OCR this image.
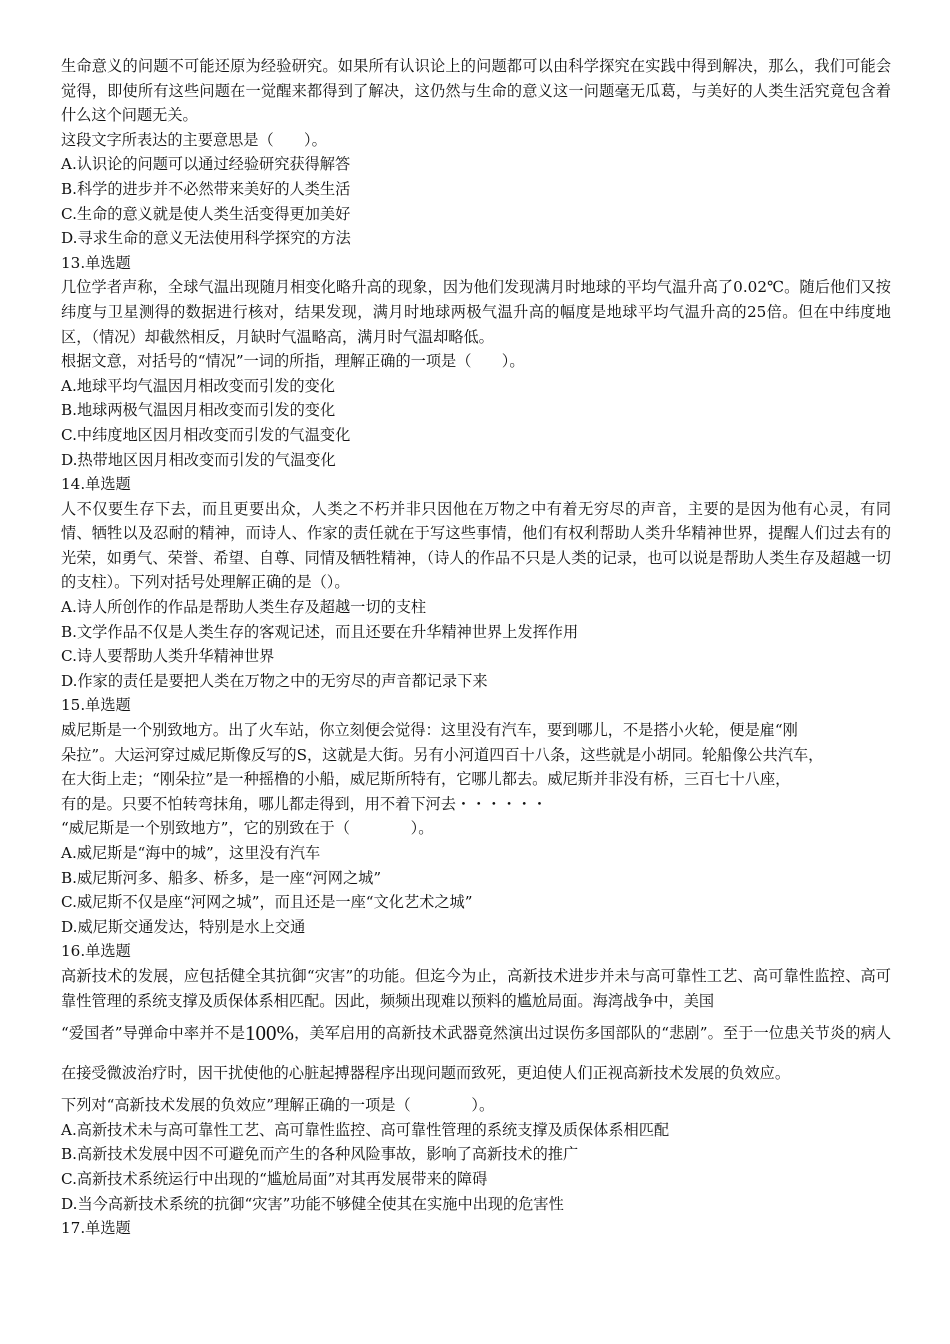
生命意义的问题不可能还原为经验研究。如果所有认识论上的问题都可以由科学探究在实践中得到解决，那么，我们可能会觉得，即使所有这些问题在一觉醒来都得到了解决，这仍然与生命的意义这一问题毫无瓜葛，与美好的人类生活究竟包含着什么这个问题无关。

这段文字所表达的主要意思是（　　）。

A.认识论的问题可以通过经验研究获得解答

B.科学的进步并不必然带来美好的人类生活

C.生命的意义就是使人类生活变得更加美好

D.寻求生命的意义无法使用科学探究的方法

13.单选题

几位学者声称，全球气温出现随月相变化略升高的现象，因为他们发现满月时地球的平均气温升高了0.02℃。随后他们又按纬度与卫星测得的数据进行核对，结果发现，满月时地球两极气温升高的幅度是地球平均气温升高的25倍。但在中纬度地区，（情况）却截然相反，月缺时气温略高，满月时气温却略低。

根据文意，对括号的“情况”一词的所指，理解正确的一项是（　　）。

A.地球平均气温因月相改变而引发的变化

B.地球两极气温因月相改变而引发的变化

C.中纬度地区因月相改变而引发的气温变化

D.热带地区因月相改变而引发的气温变化

14.单选题

人不仅要生存下去，而且更要出众，人类之不朽并非只因他在万物之中有着无穷尽的声音，主要的是因为他有心灵，有同情、牺牲以及忍耐的精神，而诗人、作家的责任就在于写这些事情，他们有权利帮助人类升华精神世界，提醒人们过去有的光荣，如勇气、荣誉、希望、自尊、同情及牺牲精神，（诗人的作品不只是人类的记录，也可以说是帮助人类生存及超越一切的支柱）。下列对括号处理解正确的是（）。

A.诗人所创作的作品是帮助人类生存及超越一切的支柱

B.文学作品不仅是人类生存的客观记述，而且还要在升华精神世界上发挥作用

C.诗人要帮助人类升华精神世界

D.作家的责任是要把人类在万物之中的无穷尽的声音都记录下来

15.单选题

威尼斯是一个别致地方。出了火车站，你立刻便会觉得：这里没有汽车，要到哪儿，不是搭小火轮，便是雇“刚

朵拉”。大运河穿过威尼斯像反写的S，这就是大街。另有小河道四百十八条，这些就是小胡同。轮船像公共汽车，

在大街上走；“刚朵拉”是一种摇橹的小船，威尼斯所特有，它哪儿都去。威尼斯并非没有桥，三百七十八座，

有的是。只要不怕转弯抹角，哪儿都走得到，用不着下河去・・・・・・

“威尼斯是一个别致地方”，它的别致在于（　　　　）。

A.威尼斯是“海中的城”，这里没有汽车

B.威尼斯河多、船多、桥多，是一座“河网之城”

C.威尼斯不仅是座“河网之城”，而且还是一座“文化艺术之城”

D.威尼斯交通发达，特别是水上交通

16.单选题

高新技术的发展，应包括健全其抗御“灾害”的功能。但迄今为止，高新技术进步并未与高可靠性工艺、高可靠性监控、高可靠性管理的系统支撑及质保体系相匹配。因此，频频出现难以预料的尴尬局面。海湾战争中，美国

“爱国者”导弹命中率并不是100%，美军启用的高新技术武器竟然演出过误伤多国部队的“悲剧”。至于一位患关节炎的病人在接受微波治疗时，因干扰使他的心脏起搏器程序出现问题而致死，更迫使人们正视高新技术发展的负效应。

下列对“高新技术发展的负效应”理解正确的一项是（　　　　）。

A.高新技术未与高可靠性工艺、高可靠性监控、高可靠性管理的系统支撑及质保体系相匹配

B.高新技术发展中因不可避免而产生的各种风险事故，影响了高新技术的推广

C.高新技术系统运行中出现的“尴尬局面”对其再发展带来的障碍

D.当今高新技术系统的抗御“灾害”功能不够健全使其在实施中出现的危害性

17.单选题
